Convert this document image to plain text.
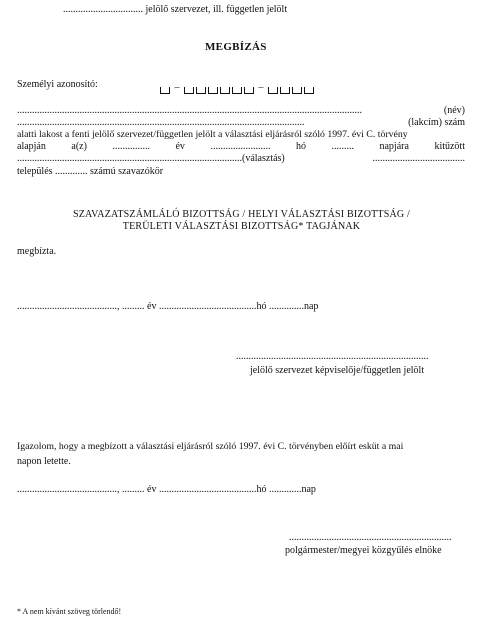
................................ jelölő szervezet, ill. független jelölt
MEGBÍZÁS
Személyi azonosító:	–	–
..........................................................................................................................................	(név)
...................................................................................................................	(lakcím) szám
alatti lakost a fenti jelölő szervezet/független jelölt a választási eljárásról szóló 1997. évi C. törvény
alapján	a(z)	...............	év	........................	hó	.........	napjára	kitűzött
..........................................................................................(választás)	.....................................
település ............. számú szavazókör
SZAVAZATSZÁMLÁLÓ BIZOTTSÁG / HELYI VÁLASZTÁSI BIZOTTSÁG /
TERÜLETI VÁLASZTÁSI BIZOTTSÁG* TAGJÁNAK
megbízta.
........................................, ......... év .......................................hó ..............nap
.............................................................................
jelölő szervezet képviselője/független jelölt
Igazolom, hogy a megbízott a választási eljárásról szóló 1997. évi C. törvényben előírt esküt a mai
napon letette.
........................................, ......... év .......................................hó .............nap
.................................................................
polgármester/megyei közgyűlés elnöke
* A nem kívánt szöveg törlendő!
